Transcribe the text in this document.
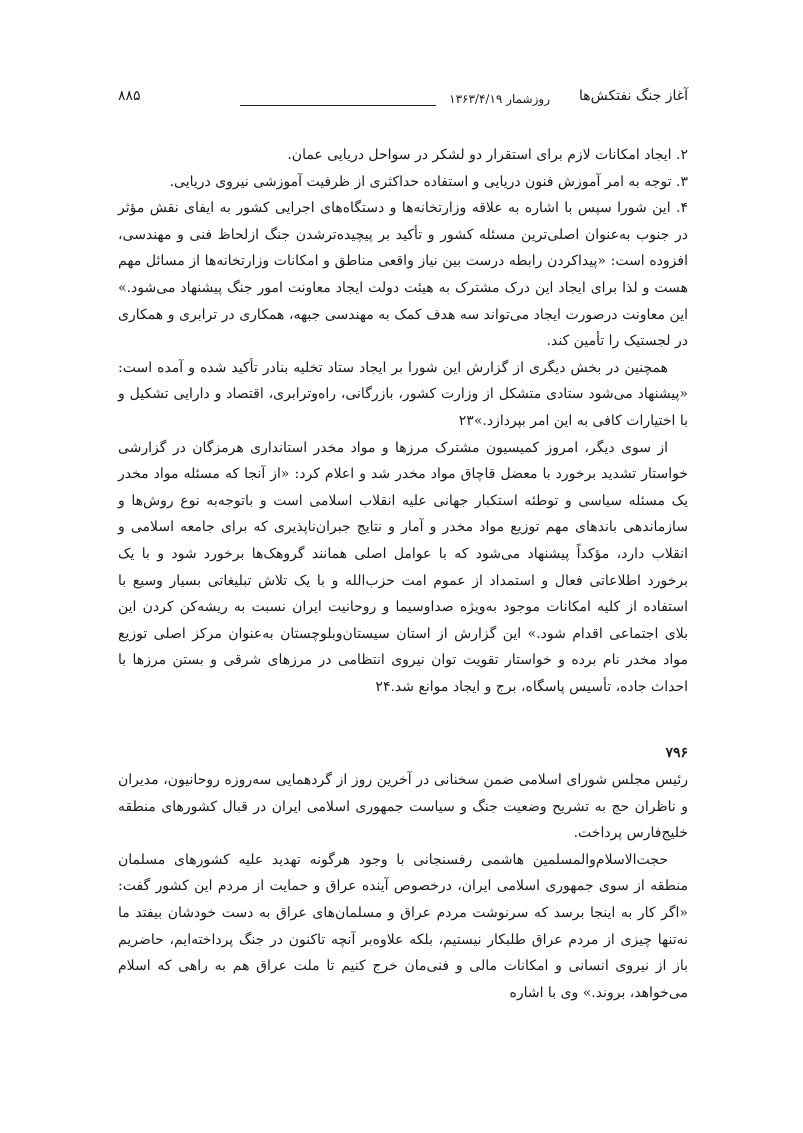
آغاز جنگ نفتکش‌ها
روزشمار ۱۳۶۳/۴/۱۹
۸۸۵

۲. ایجاد امکانات لازم برای استقرار دو لشکر در سواحل دریایی عمان.

۳. توجه به امر آموزش فنون دریایی و استفاده حداکثری از ظرفیت آموزشی نیروی دریایی.

۴. این شورا سپس با اشاره به علاقه وزارتخانه‌ها و دستگاه‌های اجرایی کشور به ایفای نقش مؤثر در جنوب به‌عنوان اصلی‌ترین مسئله کشور و تأکید بر پیچیده‌ترشدن جنگ ازلحاظ فنی و مهندسی، افزوده است: «پیداکردن رابطه درست بین نیاز واقعی مناطق و امکانات وزارتخانه‌ها از مسائل مهم هست و لذا برای ایجاد این درک مشترک به هیئت دولت ایجاد معاونت امور جنگ پیشنهاد می‌شود.» این معاونت درصورت ایجاد می‌تواند سه هدف کمک به مهندسی جبهه، همکاری در ترابری و همکاری در لجستیک را تأمین کند.

همچنین در بخش دیگری از گزارش این شورا بر ایجاد ستاد تخلیه بنادر تأکید شده و آمده است: «پیشنهاد می‌شود ستادی متشکل از وزارت کشور، بازرگانی، راه‌وترابری، اقتصاد و دارایی تشکیل و با اختیارات کافی به این امر بپردازد.»۲۳

از سوی دیگر، امروز کمیسیون مشترک مرزها و مواد مخدر استانداری هرمزگان در گزارشی خواستار تشدید برخورد با معضل قاچاق مواد مخدر شد و اعلام کرد: «از آنجا که مسئله مواد مخدر یک مسئله سیاسی و توطئه استکبار جهانی علیه انقلاب اسلامی است و باتوجه‌به نوع روش‌ها و سازماندهی باندهای مهم توزیع مواد مخدر و آمار و نتایج جبران‌ناپذیری که برای جامعه اسلامی و انقلاب دارد، مؤکداً پیشنهاد می‌شود که با عوامل اصلی همانند گروهک‌ها برخورد شود و با یک برخورد اطلاعاتی فعال و استمداد از عموم امت حزب‌الله و با یک تلاش تبلیغاتی بسیار وسیع با استفاده از کلیه امکانات موجود به‌ویژه صداوسیما و روحانیت ایران نسبت به ریشه‌کن کردن این بلای اجتماعی اقدام شود.» این گزارش از استان سیستان‌وبلوچستان به‌عنوان مرکز اصلی توزیع مواد مخدر نام برده و خواستار تقویت توان نیروی انتظامی در مرزهای شرقی و بستن مرزها با احداث جاده، تأسیس پاسگاه، برج و ایجاد موانع شد.۲۴

۷۹۶

رئیس مجلس شورای اسلامی ضمن سخنانی در آخرین روز از گردهمایی سه‌روزه روحانیون، مدیران و ناظران حج به تشریح وضعیت جنگ و سیاست جمهوری اسلامی ایران در قبال کشورهای منطقه خلیج‌فارس پرداخت.

حجت‌الاسلام‌والمسلمین هاشمی رفسنجانی با وجود هرگونه تهدید علیه کشورهای مسلمان منطقه از سوی جمهوری اسلامی ایران، درخصوص آینده عراق و حمایت از مردم این کشور گفت: «اگر کار به اینجا برسد که سرنوشت مردم عراق و مسلمان‌های عراق به دست خودشان بیفتد ما نه‌تنها چیزی از مردم عراق طلبکار نیستیم، بلکه علاوه‌بر آنچه تاکنون در جنگ پرداخته‌ایم، حاضریم باز از نیروی انسانی و امکانات مالی و فنی‌مان خرج کنیم تا ملت عراق هم به راهی که اسلام می‌خواهد، بروند.» وی با اشاره
